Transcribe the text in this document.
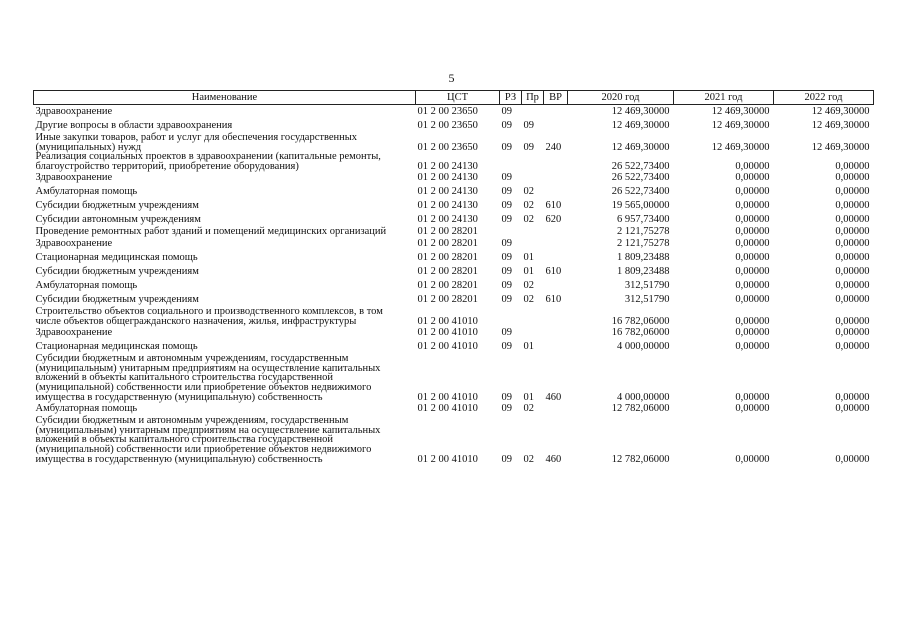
5
Наименование	ЦСТ	РЗ	Пр	ВР	2020 год	2021 год	2022 год
Здравоохранение	01 2 00 23650	09			12 469,30000	12 469,30000	12 469,30000
Другие вопросы в области здравоохранения	01 2 00 23650	09	09		12 469,30000	12 469,30000	12 469,30000
Иные закупки товаров, работ и услуг для обеспечения государственных (муниципальных) нужд	01 2 00 23650	09	09	240	12 469,30000	12 469,30000	12 469,30000
Реализация социальных проектов в здравоохранении (капитальные ремонты, благоустройство территорий, приобретение оборудования)	01 2 00 24130				26 522,73400	0,00000	0,00000
Здравоохранение	01 2 00 24130	09			26 522,73400	0,00000	0,00000
Амбулаторная помощь	01 2 00 24130	09	02		26 522,73400	0,00000	0,00000
Субсидии бюджетным учреждениям	01 2 00 24130	09	02	610	19 565,00000	0,00000	0,00000
Субсидии автономным учреждениям	01 2 00 24130	09	02	620	6 957,73400	0,00000	0,00000
Проведение ремонтных работ зданий и помещений медицинских организаций	01 2 00 28201				2 121,75278	0,00000	0,00000
Здравоохранение	01 2 00 28201	09			2 121,75278	0,00000	0,00000
Стационарная медицинская помощь	01 2 00 28201	09	01		1 809,23488	0,00000	0,00000
Субсидии бюджетным учреждениям	01 2 00 28201	09	01	610	1 809,23488	0,00000	0,00000
Амбулаторная помощь	01 2 00 28201	09	02		312,51790	0,00000	0,00000
Субсидии бюджетным учреждениям	01 2 00 28201	09	02	610	312,51790	0,00000	0,00000
Строительство объектов социального и производственного комплексов, в том числе объектов общегражданского назначения, жилья, инфраструктуры	01 2 00 41010				16 782,06000	0,00000	0,00000
Здравоохранение	01 2 00 41010	09			16 782,06000	0,00000	0,00000
Стационарная медицинская помощь	01 2 00 41010	09	01		4 000,00000	0,00000	0,00000
Субсидии бюджетным и автономным учреждениям, государственным (муниципальным) унитарным предприятиям на осуществление капитальных вложений в объекты капитального строительства государственной (муниципальной) собственности или приобретение объектов недвижимого имущества в государственную (муниципальную) собственность	01 2 00 41010	09	01	460	4 000,00000	0,00000	0,00000
Амбулаторная помощь	01 2 00 41010	09	02		12 782,06000	0,00000	0,00000
Субсидии бюджетным и автономным учреждениям, государственным (муниципальным) унитарным предприятиям на осуществление капитальных вложений в объекты капитального строительства государственной (муниципальной) собственности или приобретение объектов недвижимого имущества в государственную (муниципальную) собственность	01 2 00 41010	09	02	460	12 782,06000	0,00000	0,00000
